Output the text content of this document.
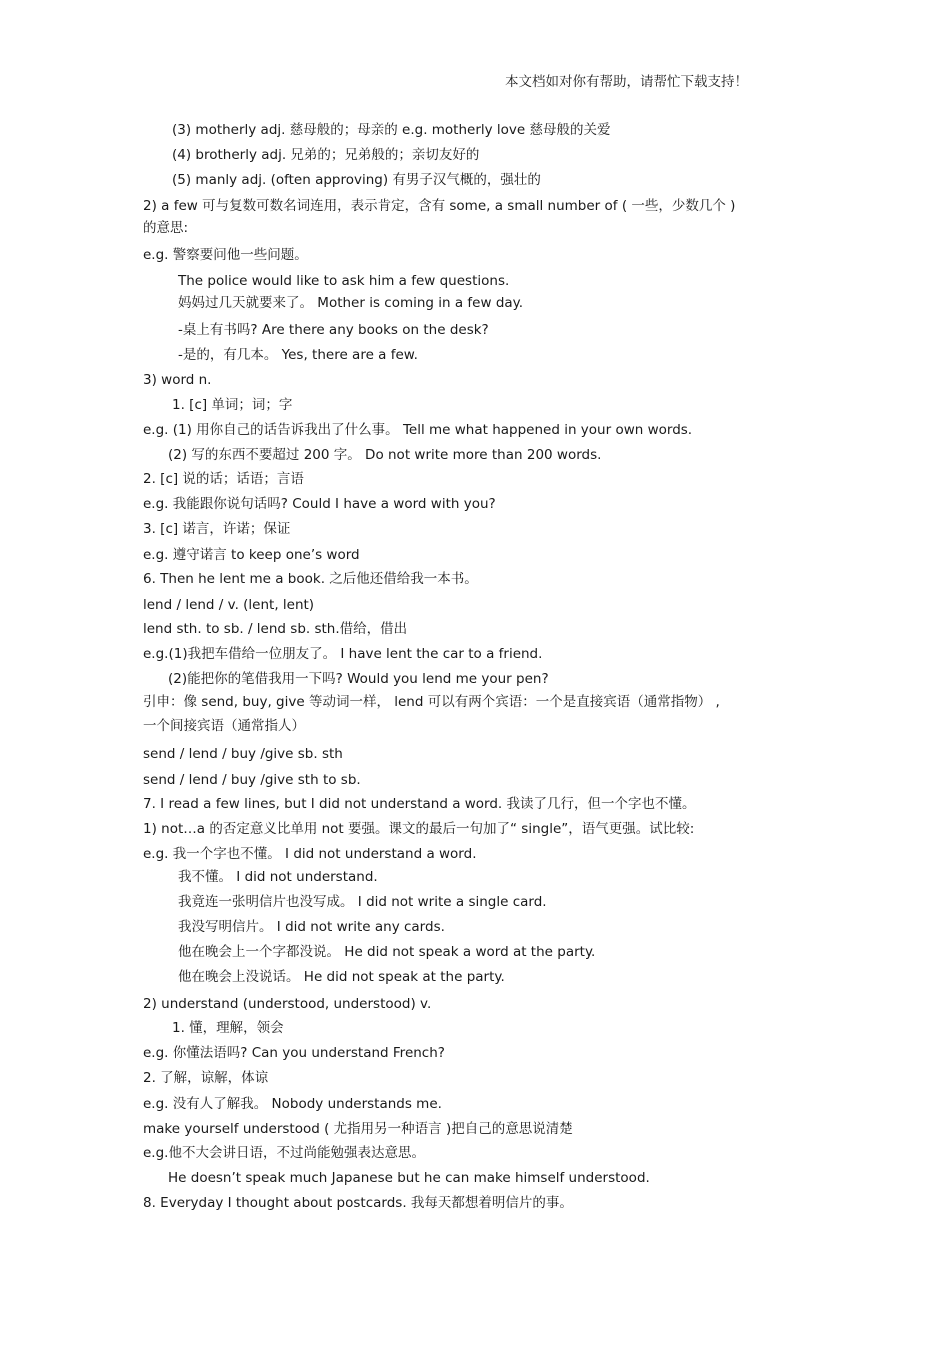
本文档如对你有帮助，请帮忙下载支持！
(3) motherly adj. 慈母般的；母亲的 e.g. motherly love 慈母般的关爱
(4) brotherly adj. 兄弟的；兄弟般的；亲切友好的
(5) manly adj. (often approving) 有男子汉气概的，强壮的
2) a few 可与复数可数名词连用，表示肯定，含有 some, a small number of ( 一些，少数几个 )
的意思:
e.g. 警察要问他一些问题。
The police would like to ask him a few questions.
妈妈过几天就要来了。 Mother is coming in a few day.
-桌上有书吗? Are there any books on the desk?
-是的，有几本。 Yes, there are a few.
3) word n.
1. [c] 单词；词；字
e.g. (1) 用你自己的话告诉我出了什么事。 Tell me what happened in your own words.
(2) 写的东西不要超过 200 字。 Do not write more than 200 words.
2. [c] 说的话；话语；言语
e.g. 我能跟你说句话吗? Could I have a word with you?
3. [c] 诺言，许诺；保证
e.g. 遵守诺言 to keep one’s word
6. Then he lent me a book. 之后他还借给我一本书。
lend / lend / v. (lent, lent)
lend sth. to sb. / lend sb. sth.借给，借出
e.g.(1)我把车借给一位朋友了。 I have lent the car to a friend.
(2)能把你的笔借我用一下吗? Would you lend me your pen?
引申：像 send, buy, give 等动词一样， lend 可以有两个宾语：一个是直接宾语（通常指物） ,
一个间接宾语（通常指人）
send / lend / buy /give sb. sth
send / lend / buy /give sth to sb.
7. I read a few lines, but I did not understand a word. 我读了几行，但一个字也不懂。
1) not…a 的否定意义比单用 not 要强。课文的最后一句加了“ single”，语气更强。试比较:
e.g. 我一个字也不懂。 I did not understand a word.
我不懂。 I did not understand.
我竟连一张明信片也没写成。 I did not write a single card.
我没写明信片。 I did not write any cards.
他在晚会上一个字都没说。 He did not speak a word at the party.
他在晚会上没说话。 He did not speak at the party.
2) understand (understood, understood) v.
1. 懂，理解，领会
e.g. 你懂法语吗? Can you understand French?
2. 了解，谅解，体谅
e.g. 没有人了解我。 Nobody understands me.
make yourself understood ( 尤指用另一种语言 )把自己的意思说清楚
e.g.他不大会讲日语，不过尚能勉强表达意思。
He doesn’t speak much Japanese but he can make himself understood.
8. Everyday I thought about postcards. 我每天都想着明信片的事。
